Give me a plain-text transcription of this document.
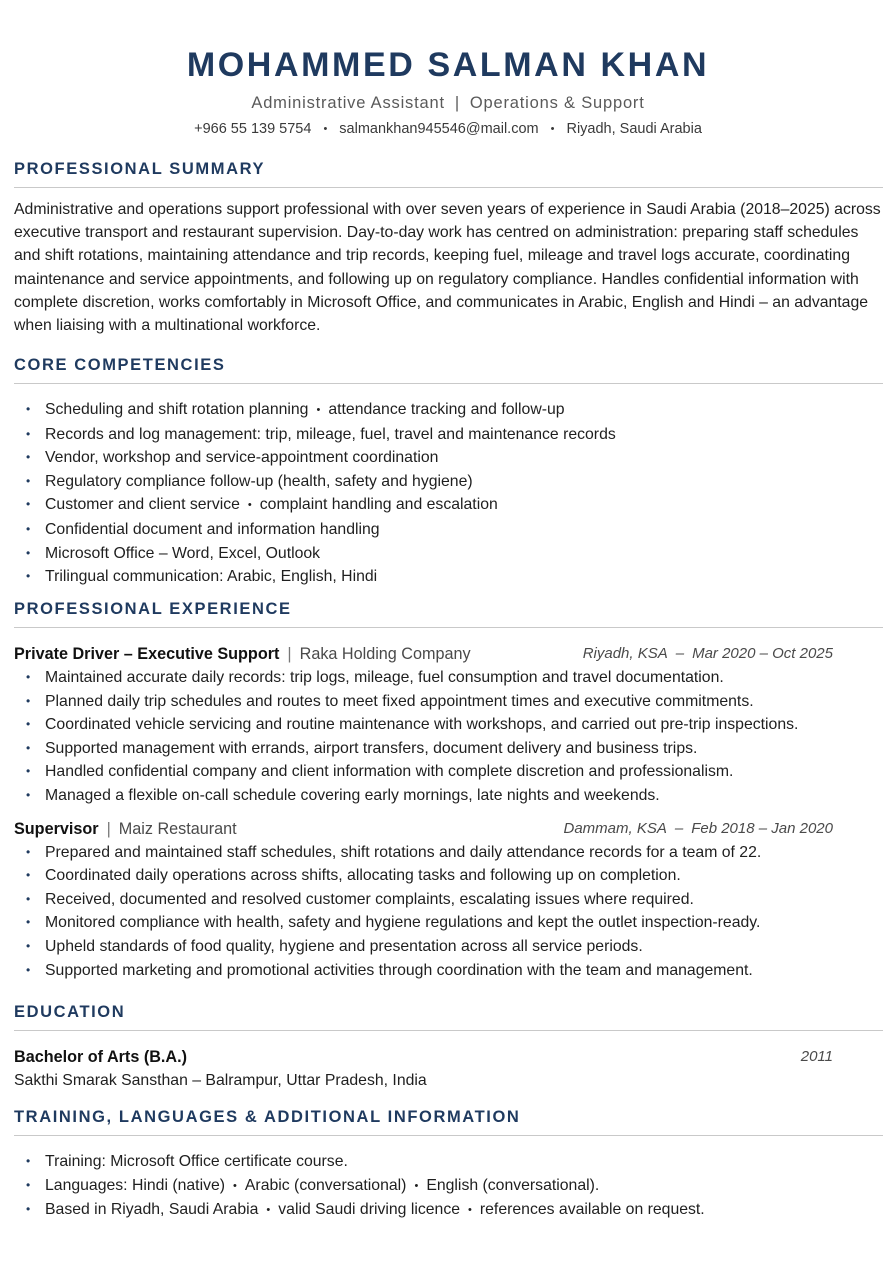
MOHAMMED SALMAN KHAN
Administrative Assistant | Operations & Support
+966 55 139 5754 • salmankhan945546@mail.com • Riyadh, Saudi Arabia
PROFESSIONAL SUMMARY

Administrative and operations support professional with over seven years of experience in Saudi Arabia (2018–2025) across executive transport and restaurant supervision. Day-to-day work has centred on administration: preparing staff schedules and shift rotations, maintaining attendance and trip records, keeping fuel, mileage and travel logs accurate, coordinating maintenance and service appointments, and following up on regulatory compliance. Handles confidential information with complete discretion, works comfortably in Microsoft Office, and communicates in Arabic, English and Hindi – an advantage when liaising with a multinational workforce.

CORE COMPETENCIES
• Scheduling and shift rotation planning • attendance tracking and follow-up
• Records and log management: trip, mileage, fuel, travel and maintenance records
• Vendor, workshop and service-appointment coordination
• Regulatory compliance follow-up (health, safety and hygiene)
• Customer and client service • complaint handling and escalation
• Confidential document and information handling
• Microsoft Office – Word, Excel, Outlook
• Trilingual communication: Arabic, English, Hindi
PROFESSIONAL EXPERIENCE
Private Driver – Executive Support | Raka Holding Company	Riyadh, KSA – Mar 2020 – Oct 2025
• Maintained accurate daily records: trip logs, mileage, fuel consumption and travel documentation.
• Planned daily trip schedules and routes to meet fixed appointment times and executive commitments.
• Coordinated vehicle servicing and routine maintenance with workshops, and carried out pre-trip inspections.
• Supported management with errands, airport transfers, document delivery and business trips.
• Handled confidential company and client information with complete discretion and professionalism.
• Managed a flexible on-call schedule covering early mornings, late nights and weekends.
Supervisor | Maiz Restaurant	Dammam, KSA – Feb 2018 – Jan 2020
• Prepared and maintained staff schedules, shift rotations and daily attendance records for a team of 22.
• Coordinated daily operations across shifts, allocating tasks and following up on completion.
• Received, documented and resolved customer complaints, escalating issues where required.
• Monitored compliance with health, safety and hygiene regulations and kept the outlet inspection-ready.
• Upheld standards of food quality, hygiene and presentation across all service periods.
• Supported marketing and promotional activities through coordination with the team and management.
EDUCATION
Bachelor of Arts (B.A.)	2011
Sakthi Smarak Sansthan – Balrampur, Uttar Pradesh, India
TRAINING, LANGUAGES & ADDITIONAL INFORMATION
• Training: Microsoft Office certificate course.
• Languages: Hindi (native) • Arabic (conversational) • English (conversational).
• Based in Riyadh, Saudi Arabia • valid Saudi driving licence • references available on request.
